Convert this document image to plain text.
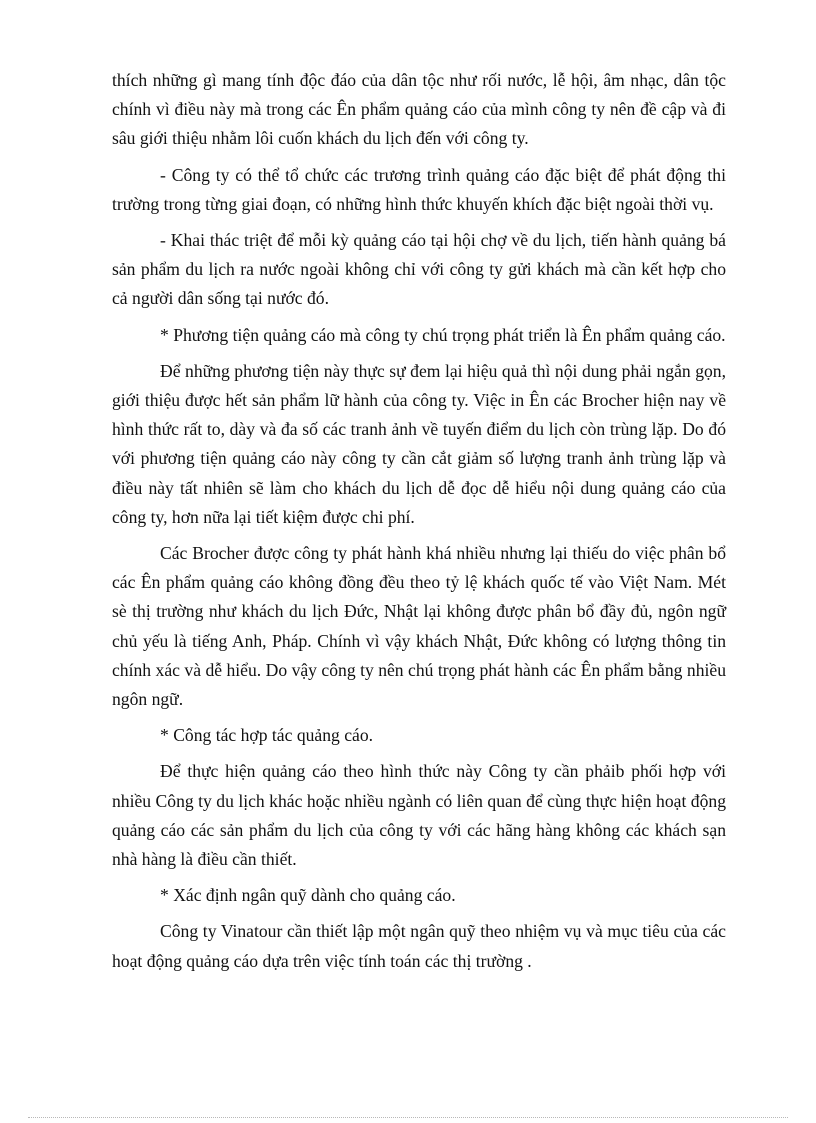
thích những gì mang tính độc đáo của dân tộc như rối nước, lễ hội, âm nhạc, dân tộc chính vì điều này mà trong các Ên phẩm quảng cáo của mình công ty nên đề cập và đi sâu giới thiệu nhằm lôi cuốn khách du lịch đến với công ty.

- Công ty có thể tổ chức các trương trình quảng cáo đặc biệt để phát động thi trường trong từng giai đoạn, có những hình thức khuyến khích đặc biệt ngoài thời vụ.

- Khai thác triệt để mỗi kỳ quảng cáo tại hội chợ về du lịch, tiến hành quảng bá sản phẩm du lịch ra nước ngoài không chỉ với công ty gửi khách mà cần kết hợp cho cả người dân sống tại nước đó.

* Phương tiện quảng cáo mà công ty chú trọng phát triển là Ên phẩm quảng cáo.

Để những phương tiện này thực sự đem lại hiệu quả thì nội dung phải ngắn gọn, giới thiệu được hết sản phẩm lữ hành của công ty. Việc in Ên các Brocher hiện nay về hình thức rất to, dày và đa số các tranh ảnh về tuyến điểm du lịch còn trùng lặp. Do đó với phương tiện quảng cáo này công ty cần cắt giảm số lượng tranh ảnh trùng lặp và điều này tất nhiên sẽ làm cho khách du lịch dễ đọc dễ hiểu nội dung quảng cáo của công ty, hơn nữa lại tiết kiệm được chi phí.

Các Brocher được công ty phát hành khá nhiều nhưng lại thiếu do việc phân bổ các Ên phẩm quảng cáo không đồng đều theo tỷ lệ khách quốc tế vào Việt Nam. Mét sè thị trường như khách du lịch Đức, Nhật lại không được phân bổ đầy đủ, ngôn ngữ chủ yếu là tiếng Anh, Pháp. Chính vì vậy khách Nhật, Đức không có lượng thông tin chính xác và dễ hiểu. Do vậy công ty nên chú trọng phát hành các Ên phẩm bằng nhiều ngôn ngữ.

* Công tác hợp tác quảng cáo.

Để thực hiện quảng cáo theo hình thức này Công ty cần phảib phối hợp với nhiều Công ty du lịch khác hoặc nhiều ngành có liên quan để cùng thực hiện hoạt động quảng cáo các sản phẩm du lịch của công ty với các hãng hàng không các khách sạn nhà hàng là điều cần thiết.

* Xác định ngân quỹ dành cho quảng cáo.

Công ty Vinatour cần thiết lập một ngân quỹ theo nhiệm vụ và mục tiêu của các hoạt động quảng cáo dựa trên việc tính toán các thị trường .
